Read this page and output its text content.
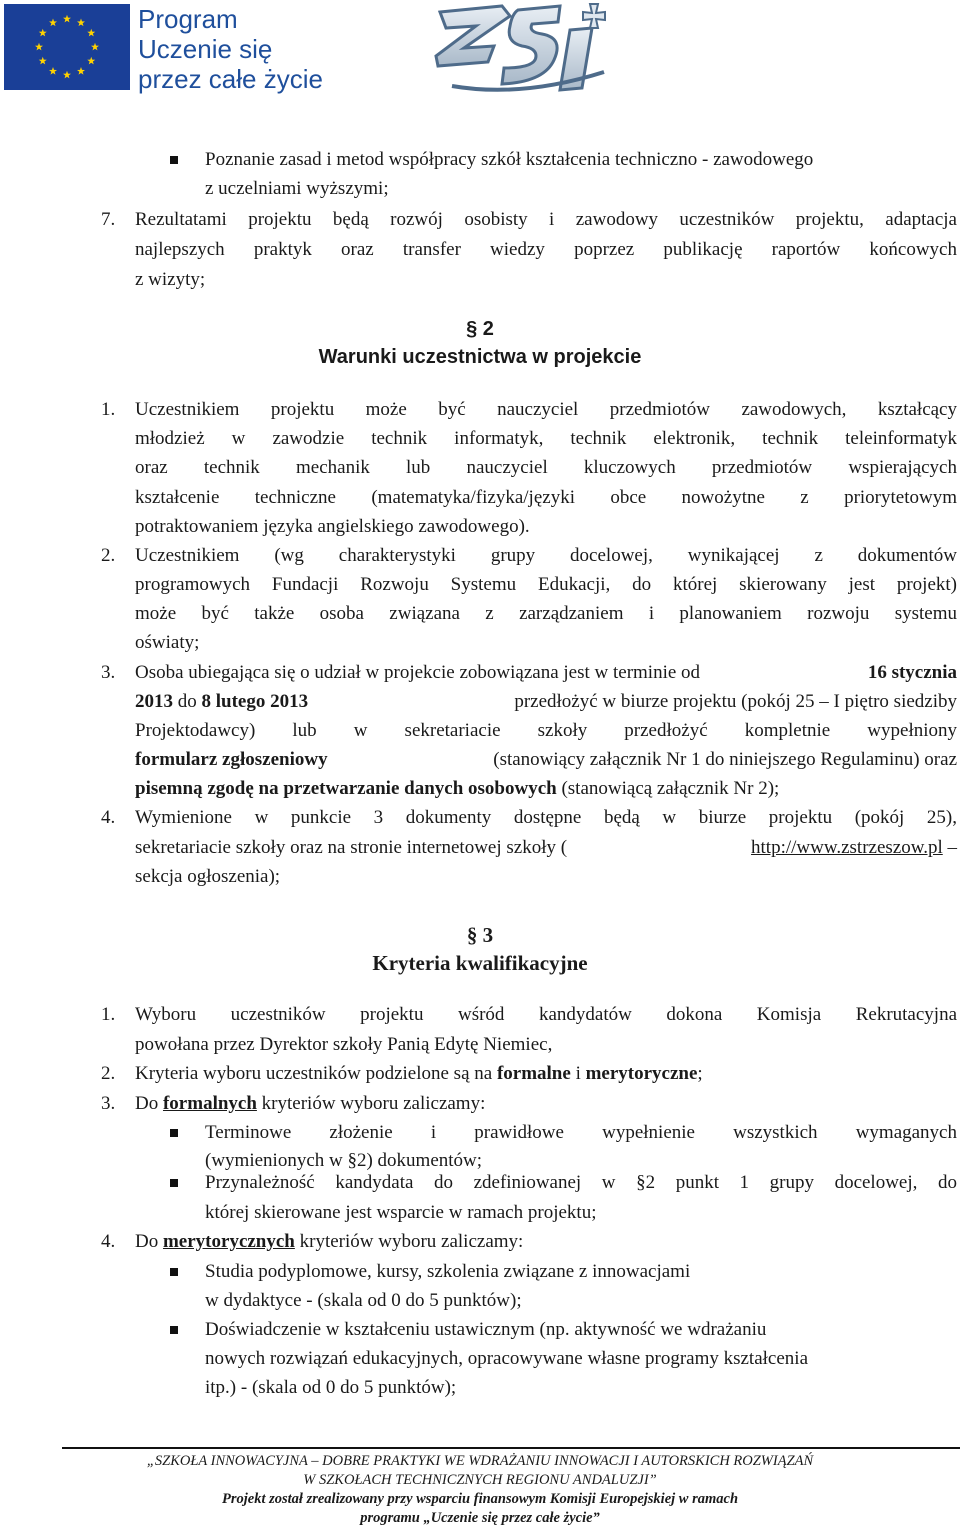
Program
Uczenie się
przez całe życie
Poznanie zasad i metod współpracy szkół kształcenia techniczno - zawodowego
z uczelniami wyższymi;
7. Rezultatami projektu będą rozwój osobisty i zawodowy uczestników projektu, adaptacja
najlepszych praktyk oraz transfer wiedzy poprzez publikację raportów końcowych
z wizyty;
§ 2
Warunki uczestnictwa w projekcie
1. Uczestnikiem projektu może być nauczyciel przedmiotów zawodowych, kształcący
młodzież w zawodzie technik informatyk, technik elektronik, technik teleinformatyk
oraz technik mechanik lub nauczyciel kluczowych przedmiotów wspierających
kształcenie techniczne (matematyka/fizyka/języki obce nowożytne z priorytetowym
potraktowaniem języka angielskiego zawodowego).
2. Uczestnikiem (wg charakterystyki grupy docelowej, wynikającej z dokumentów
programowych Fundacji Rozwoju Systemu Edukacji, do której skierowany jest projekt)
może być także osoba związana z zarządzaniem i planowaniem rozwoju systemu
oświaty;
3. Osoba ubiegająca się o udział w projekcie zobowiązana jest w terminie od	16 stycznia
2013 do 8 lutego 2013	przedłożyć w biurze projektu (pokój 25 – I piętro siedziby
Projektodawcy) lub w sekretariacie szkoły przedłożyć kompletnie wypełniony
formularz zgłoszeniowy	(stanowiący załącznik Nr 1 do niniejszego Regulaminu) oraz
pisemną zgodę na przetwarzanie danych osobowych (stanowiącą załącznik Nr 2);
4. Wymienione w punkcie 3 dokumenty dostępne będą w biurze projektu (pokój 25),
sekretariacie szkoły oraz na stronie internetowej szkoły (	http://www.zstrzeszow.pl –
sekcja ogłoszenia);
§ 3
Kryteria kwalifikacyjne
1. Wyboru uczestników projektu wśród kandydatów dokona Komisja Rekrutacyjna
powołana przez Dyrektor szkoły Panią Edytę Niemiec,
2. Kryteria wyboru uczestników podzielone są na formalne i merytoryczne;
3. Do formalnych kryteriów wyboru zaliczamy:
Terminowe złożenie i prawidłowe wypełnienie wszystkich wymaganych
(wymienionych w §2) dokumentów;
Przynależność kandydata do zdefiniowanej w §2 punkt 1 grupy docelowej, do
której skierowane jest wsparcie w ramach projektu;
4. Do merytorycznych kryteriów wyboru zaliczamy:
Studia podyplomowe, kursy, szkolenia związane z innowacjami
w dydaktyce - (skala od 0 do 5 punktów);
Doświadczenie w kształceniu ustawicznym (np. aktywność we wdrażaniu
nowych rozwiązań edukacyjnych, opracowywane własne programy kształcenia
itp.) - (skala od 0 do 5 punktów);
„SZKOŁA INNOWACYJNA – DOBRE PRAKTYKI WE WDRAŻANIU INNOWACJI I AUTORSKICH ROZWIĄZAŃ
W SZKOŁACH TECHNICZNYCH REGIONU ANDALUZJI”
Projekt został zrealizowany przy wsparciu finansowym Komisji Europejskiej w ramach
programu „Uczenie się przez całe życie”
